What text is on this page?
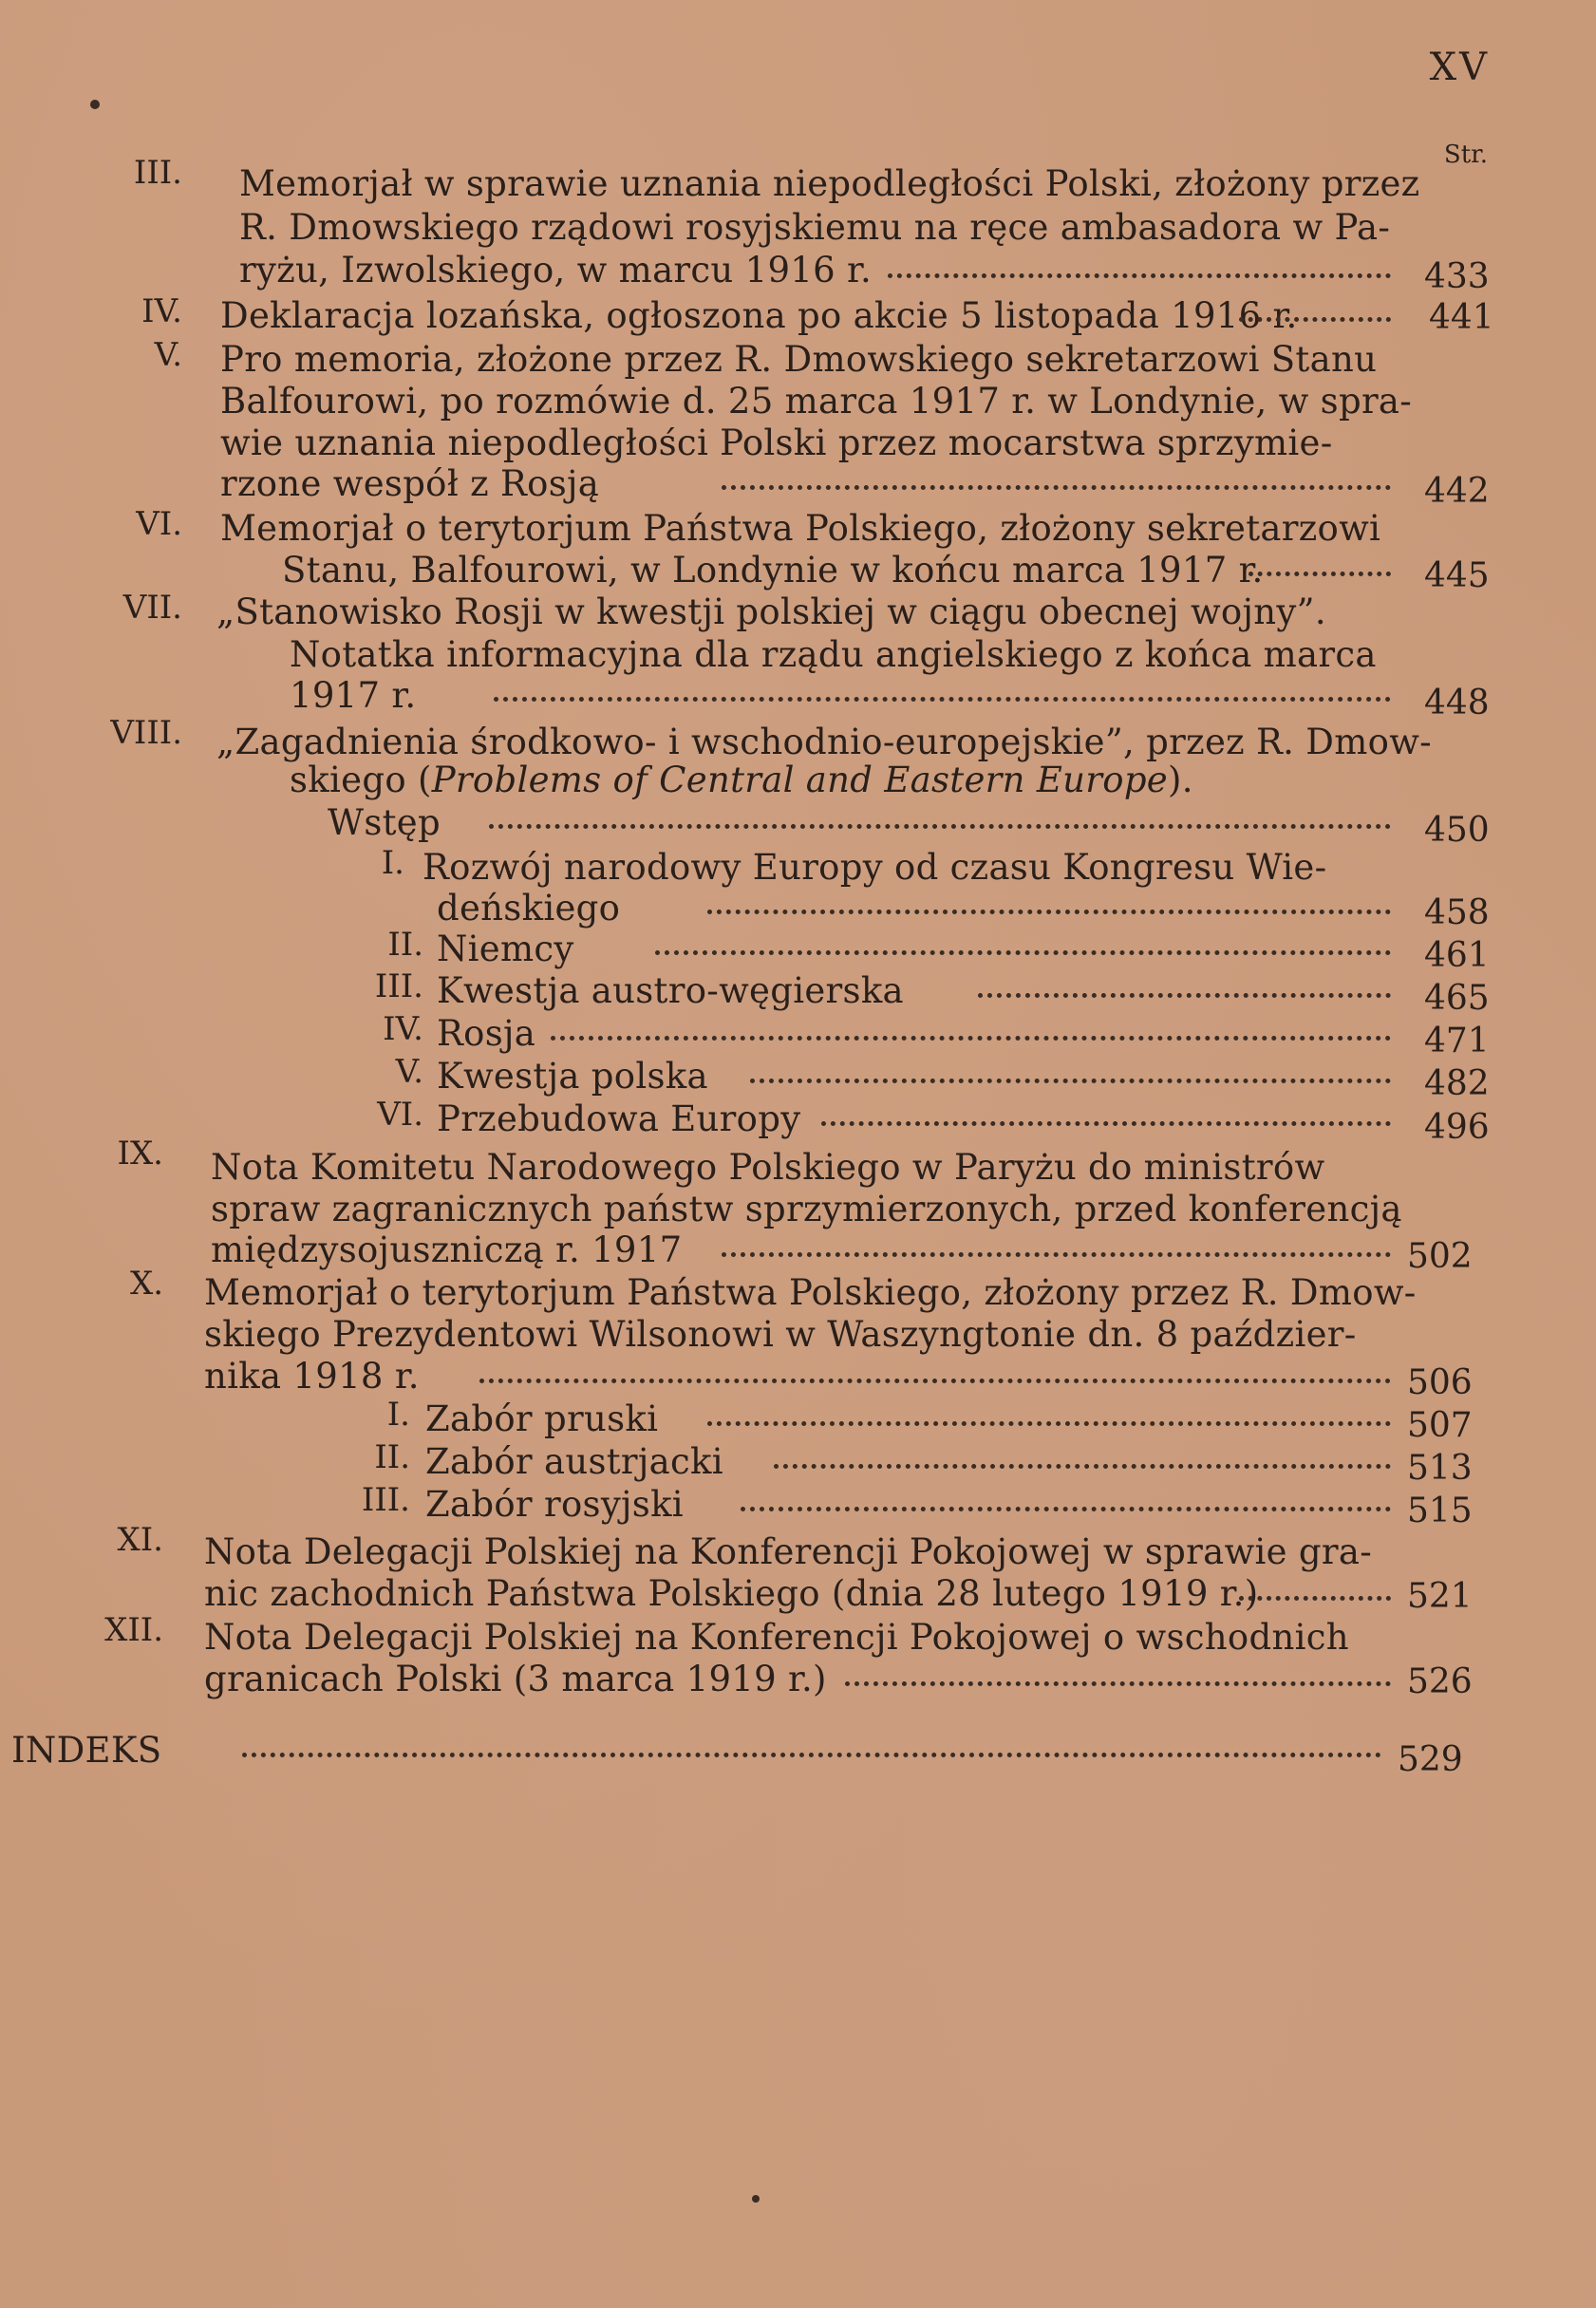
XV
Str.
III. Memorjał w sprawie uznania niepodległości Polski, złożony przez
R. Dmowskiego rządowi rosyjskiemu na ręce ambasadora w Pa-
ryżu, Izwolskiego, w marcu 1916 r.	433
IV. Deklaracja lozańska, ogłoszona po akcie 5 listopada 1916 r.	441
V. Pro memoria, złożone przez R. Dmowskiego sekretarzowi Stanu
Balfourowi, po rozmówie d. 25 marca 1917 r. w Londynie, w spra-
wie uznania niepodległości Polski przez mocarstwa sprzymie-
rzone wespół z Rosją	442
VI. Memorjał o terytorjum Państwa Polskiego, złożony sekretarzowi
Stanu, Balfourowi, w Londynie w końcu marca 1917 r.	445
VII. „Stanowisko Rosji w kwestji polskiej w ciągu obecnej wojny”.
Notatka informacyjna dla rządu angielskiego z końca marca
1917 r.	448
VIII. „Zagadnienia środkowo- i wschodnio-europejskie”, przez R. Dmow-
skiego (Problems of Central and Eastern Europe).
Wstęp	450
I. Rozwój narodowy Europy od czasu Kongresu Wie-
deńskiego	458
II. Niemcy	461
III. Kwestja austro-węgierska	465
IV. Rosja	471
V. Kwestja polska	482
VI. Przebudowa Europy	496
IX. Nota Komitetu Narodowego Polskiego w Paryżu do ministrów
spraw zagranicznych państw sprzymierzonych, przed konferencją
międzysojuszniczą r. 1917	502
X. Memorjał o terytorjum Państwa Polskiego, złożony przez R. Dmow-
skiego Prezydentowi Wilsonowi w Waszyngtonie dn. 8 paździer-
nika 1918 r.	506
I. Zabór pruski	507
II. Zabór austrjacki	513
III. Zabór rosyjski	515
XI. Nota Delegacji Polskiej na Konferencji Pokojowej w sprawie gra-
nic zachodnich Państwa Polskiego (dnia 28 lutego 1919 r.)	521
XII. Nota Delegacji Polskiej na Konferencji Pokojowej o wschodnich
granicach Polski (3 marca 1919 r.)	526
INDEKS	529
